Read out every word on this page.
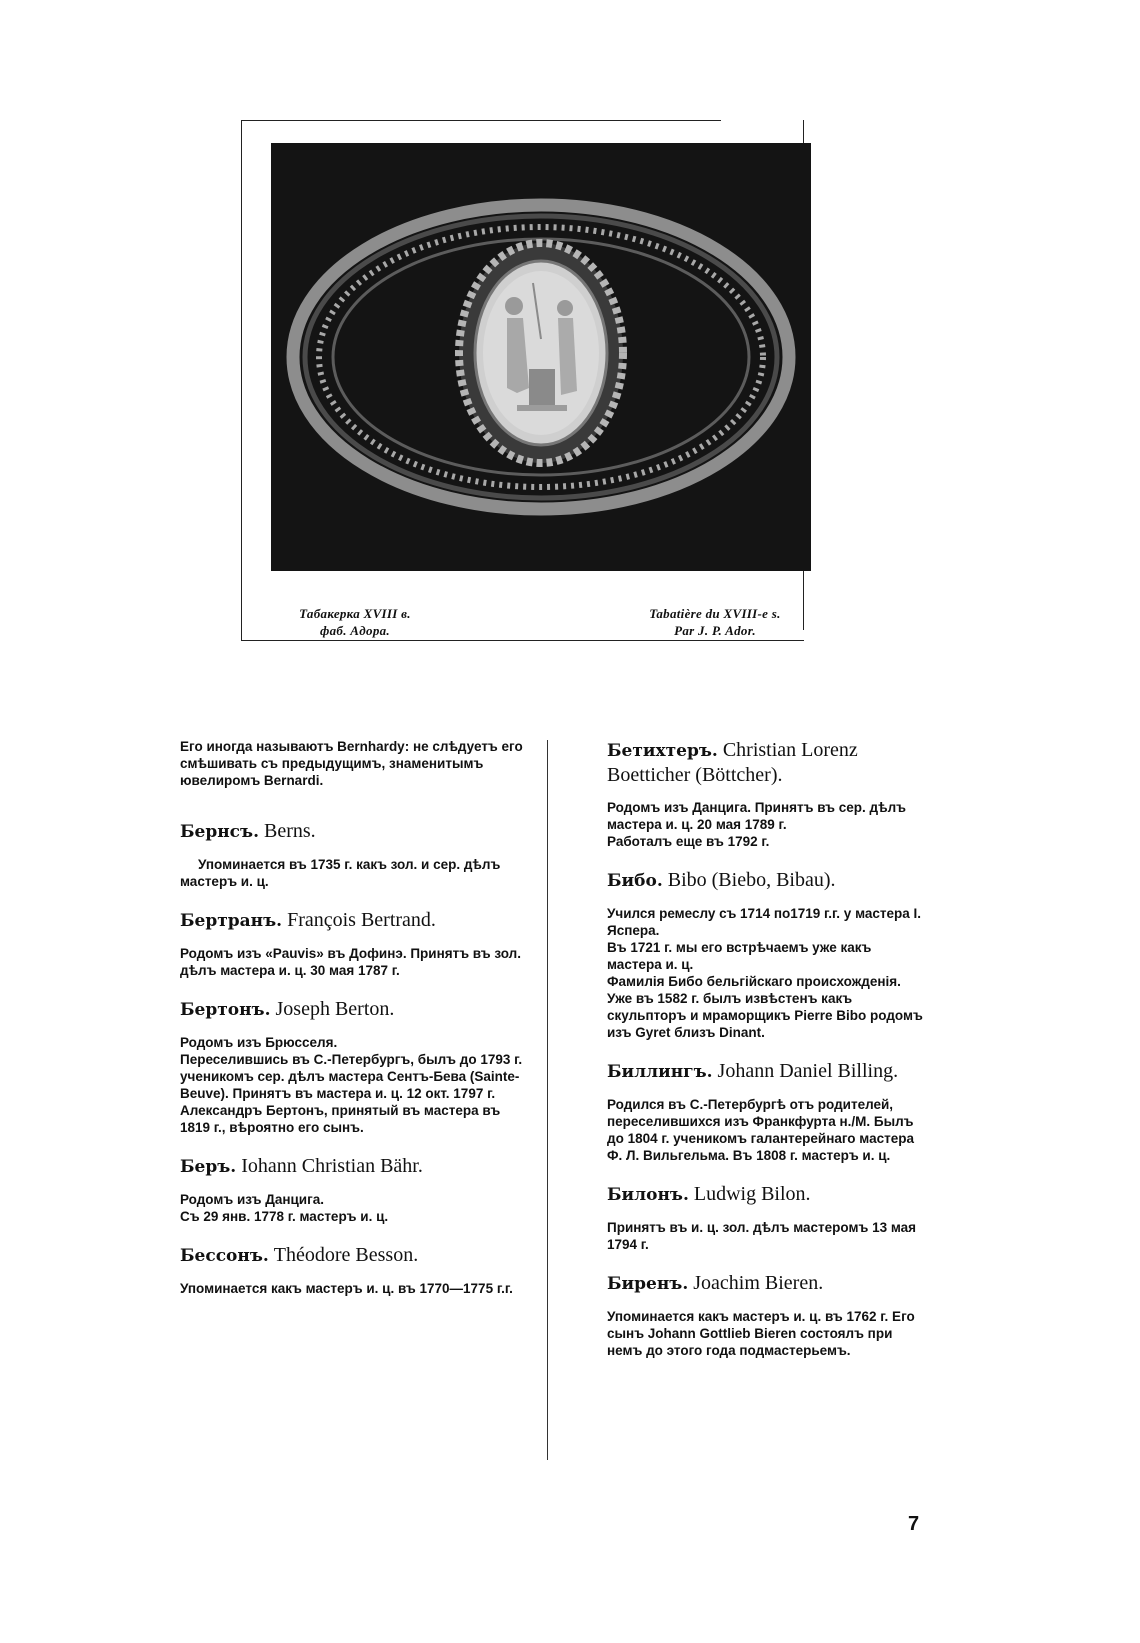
Табакерка XVIII в.
фаб. Адора.
Tabatière du XVIII-e s.
Par J. P. Ador.

Его иногда называютъ Bernhardy: не слѣдуетъ его смѣшивать съ предыдущимъ, знаменитымъ ювелиромъ Bernardi.

Бернсъ. Berns.

Упоминается въ 1735 г. какъ зол. и сер. дѣлъ мастеръ и. ц.

Бертранъ. François Bertrand.

Родомъ изъ «Pauvis» въ Дофинэ. Принятъ въ зол. дѣлъ мастера и. ц. 30 мая 1787 г.

Бертонъ. Joseph Berton.

Родомъ изъ Брюсселя.

Переселившись въ С.-Петербургъ, былъ до 1793 г. ученикомъ сер. дѣлъ мастера Сентъ-Бева (Sainte-Beuve). Принятъ въ мастера и. ц. 12 окт. 1797 г.

Александръ Бертонъ, принятый въ мастера въ 1819 г., вѣроятно его сынъ.

Беръ. Iohann Christian Bähr.

Родомъ изъ Данцига.

Съ 29 янв. 1778 г. мастеръ и. ц.

Бессонъ. Théodore Besson.

Упоминается какъ мастеръ и. ц. въ 1770—1775 г.г.

Бетихтеръ. Christian Lorenz Boetticher (Böttcher).

Родомъ изъ Данцига. Принятъ въ сер. дѣлъ мастера и. ц. 20 мая 1789 г.

Работалъ еще въ 1792 г.

Бибо. Bibo (Biebo, Bibau).

Учился ремеслу съ 1714 по1719 г.г. у мастера I. Яспера.

Въ 1721 г. мы его встрѣчаемъ уже какъ мастера и. ц.

Фамилія Бибо бельгійскаго происхожденія. Уже въ 1582 г. былъ извѣстенъ какъ скульпторъ и мраморщикъ Pierre Bibo родомъ изъ Gyret близъ Dinant.

Биллингъ. Johann Daniel Billing.

Родился въ С.-Петербургѣ отъ родителей, переселившихся изъ Франкфурта н./М. Былъ до 1804 г. ученикомъ галантерейнаго мастера Ф. Л. Вильгельма. Въ 1808 г. мастеръ и. ц.

Билонъ. Ludwig Bilon.

Принятъ въ и. ц. зол. дѣлъ мастеромъ 13 мая 1794 г.

Биренъ. Joachim Bieren.

Упоминается какъ мастеръ и. ц. въ 1762 г. Его сынъ Johann Gottlieb Bieren состоялъ при немъ до этого года подмастерьемъ.

7
